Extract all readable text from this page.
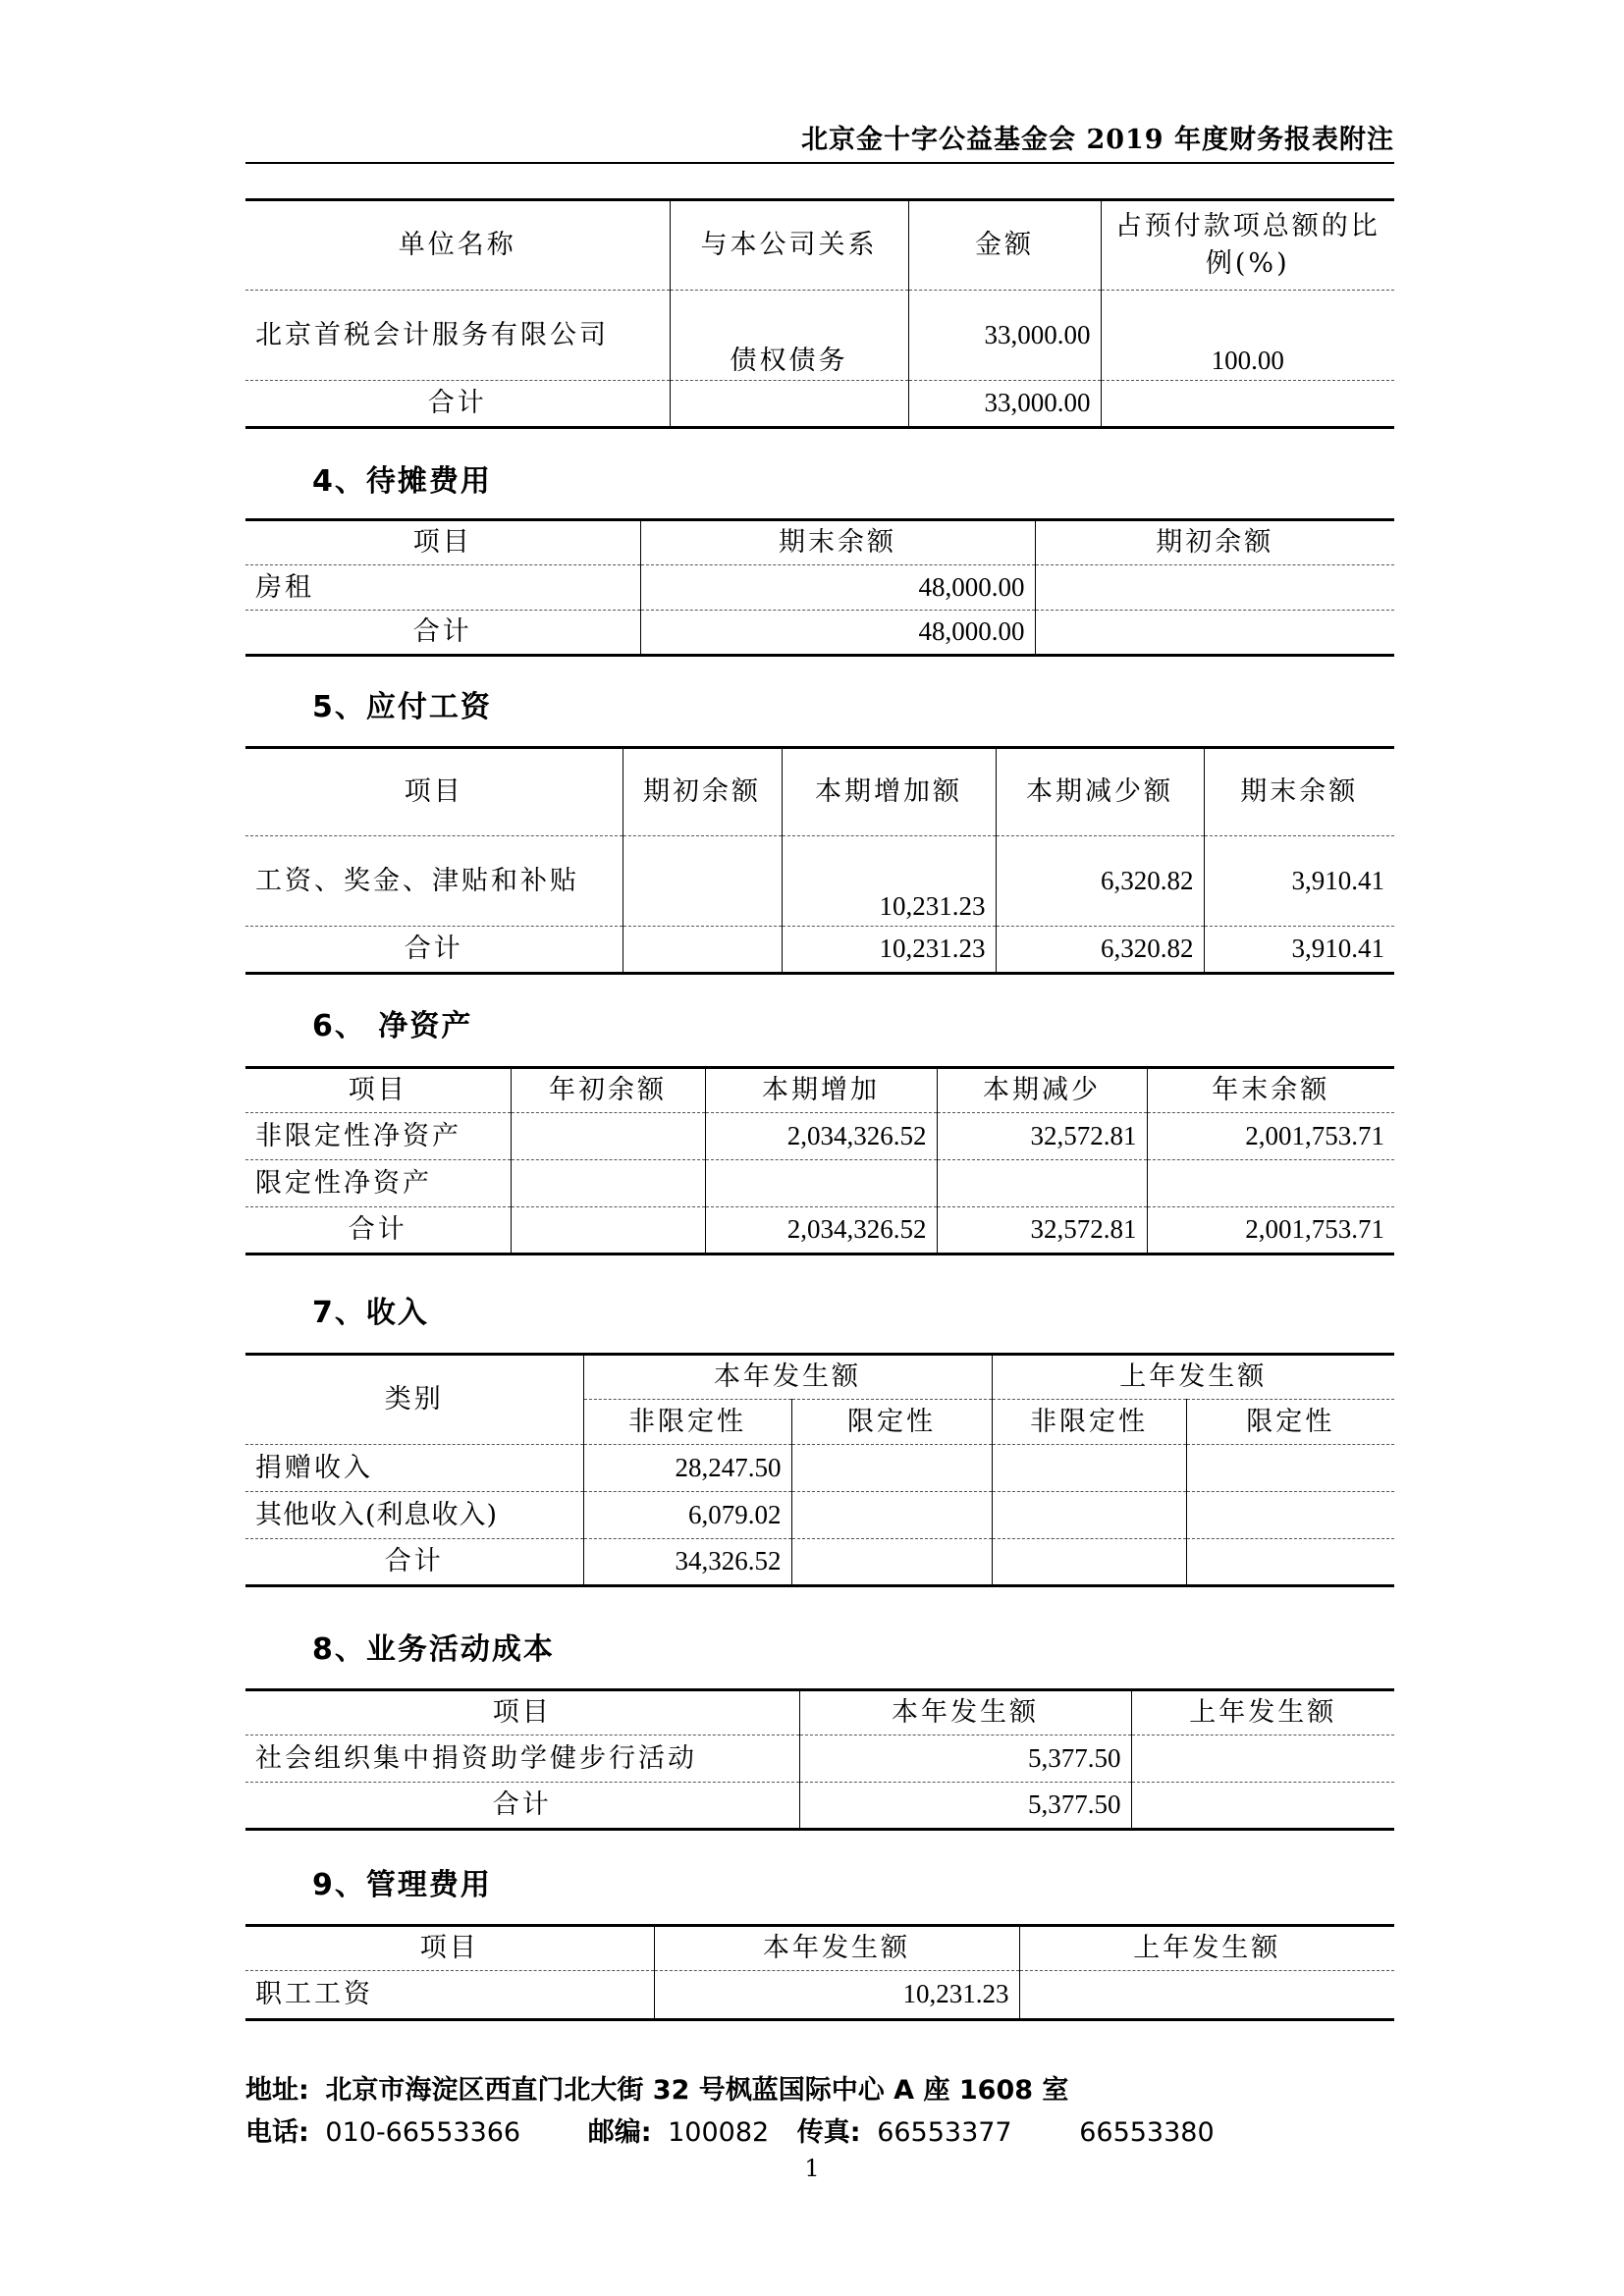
北京金十字公益基金会 2019 年度财务报表附注
单位名称	与本公司关系	金额	占预付款项总额的比例(%)
北京首税会计服务有限公司	债权债务	33,000.00	100.00
合计		33,000.00	
4、待摊费用
项目	期末余额	期初余额
房租	48,000.00	
合计	48,000.00	
5、应付工资
项目	期初余额	本期增加额	本期减少额	期末余额
工资、奖金、津贴和补贴		10,231.23	6,320.82	3,910.41
合计		10,231.23	6,320.82	3,910.41
6、 净资产
项目	年初余额	本期增加	本期减少	年末余额
非限定性净资产		2,034,326.52	32,572.81	2,001,753.71
限定性净资产				
合计		2,034,326.52	32,572.81	2,001,753.71
7、收入
类别	本年发生额		上年发生额	
	非限定性	限定性	非限定性	限定性
捐赠收入	28,247.50			
其他收入(利息收入)	6,079.02			
合计	34,326.52			
8、业务活动成本
项目	本年发生额	上年发生额
社会组织集中捐资助学健步行活动	5,377.50	
合计	5,377.50	
9、管理费用
项目	本年发生额	上年发生额
职工工资	10,231.23	
地址: 北京市海淀区西直门北大街 32 号枫蓝国际中心 A 座 1608 室
电话: 010-66553366	邮编: 100082 传真: 66553377	66553380
1
